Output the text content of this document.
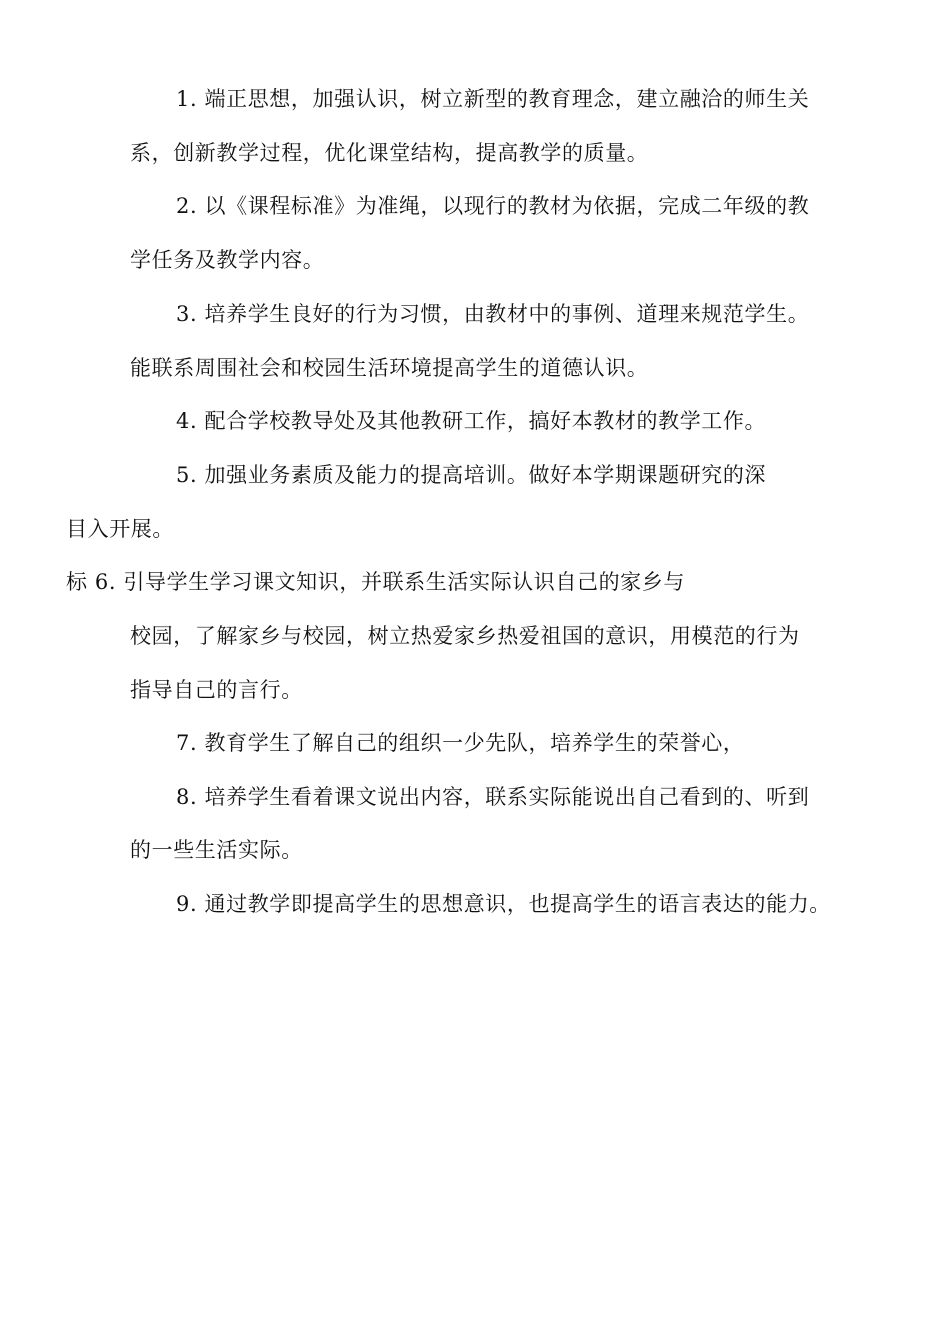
1. 端正思想，加强认识，树立新型的教育理念，建立融洽的师生关
系，创新教学过程，优化课堂结构，提高教学的质量。
2. 以《课程标准》为准绳，以现行的教材为依据，完成二年级的教
学任务及教学内容。
3. 培养学生良好的行为习惯，由教材中的事例、道理来规范学生。
能联系周围社会和校园生活环境提高学生的道德认识。
4. 配合学校教导处及其他教研工作，搞好本教材的教学工作。
5. 加强业务素质及能力的提高培训。做好本学期课题研究的深
目入开展。
标 6. 引导学生学习课文知识，并联系生活实际认识自己的家乡与
校园，了解家乡与校园，树立热爱家乡热爱祖国的意识，用模范的行为
指导自己的言行。
7. 教育学生了解自己的组织一少先队，培养学生的荣誉心，
8. 培养学生看着课文说出内容，联系实际能说出自己看到的、听到
的一些生活实际。
9. 通过教学即提高学生的思想意识，也提高学生的语言表达的能力。
